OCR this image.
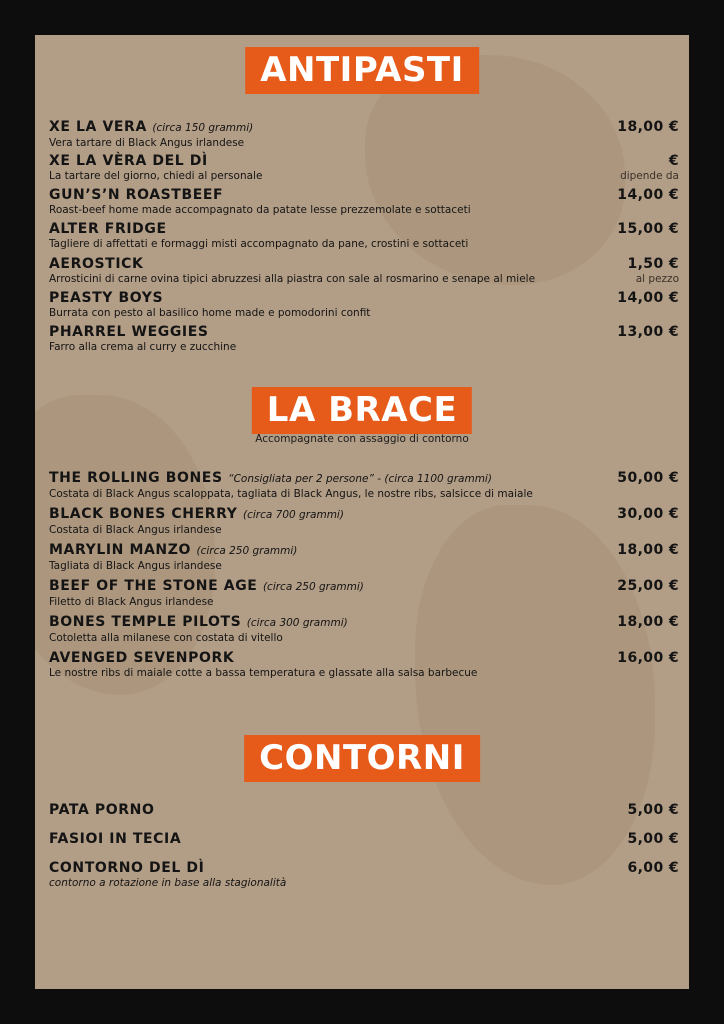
ANTIPASTI
XE LA VERA (circa 150 grammi)
Vera tartare di Black Angus irlandese
18,00 €
XE LA VÈRA DEL DÌ
La tartare del giorno, chiedi al personale
€
dipende da
GUN’S’N ROASTBEEF
Roast-beef home made accompagnato da patate lesse prezzemolate e sottaceti
14,00 €
ALTER FRIDGE
Tagliere di affettati e formaggi misti accompagnato da pane, crostini e sottaceti
15,00 €
AEROSTICK
Arrosticini di carne ovina tipici abruzzesi alla piastra con sale al rosmarino e senape al miele
1,50 €
al pezzo
PEASTY BOYS
Burrata con pesto al basilico home made e pomodorini confit
14,00 €
PHARREL WEGGIES
Farro alla crema al curry e zucchine
13,00 €
LA BRACE
Accompagnate con assaggio di contorno
THE ROLLING BONES “Consigliata per 2 persone” - (circa 1100 grammi)
Costata di Black Angus scaloppata, tagliata di Black Angus, le nostre ribs, salsicce di maiale
50,00 €
BLACK BONES CHERRY (circa 700 grammi)
Costata di Black Angus irlandese
30,00 €
MARYLIN MANZO (circa 250 grammi)
Tagliata di Black Angus irlandese
18,00 €
BEEF OF THE STONE AGE (circa 250 grammi)
Filetto di Black Angus irlandese
25,00 €
BONES TEMPLE PILOTS (circa 300 grammi)
Cotoletta alla milanese con costata di vitello
18,00 €
AVENGED SEVENPORK
Le nostre ribs di maiale cotte a bassa temperatura e glassate alla salsa barbecue
16,00 €
CONTORNI
PATA PORNO	5,00 €
FASIOI IN TECIA	5,00 €
CONTORNO DEL DÌ
contorno a rotazione in base alla stagionalità
6,00 €
